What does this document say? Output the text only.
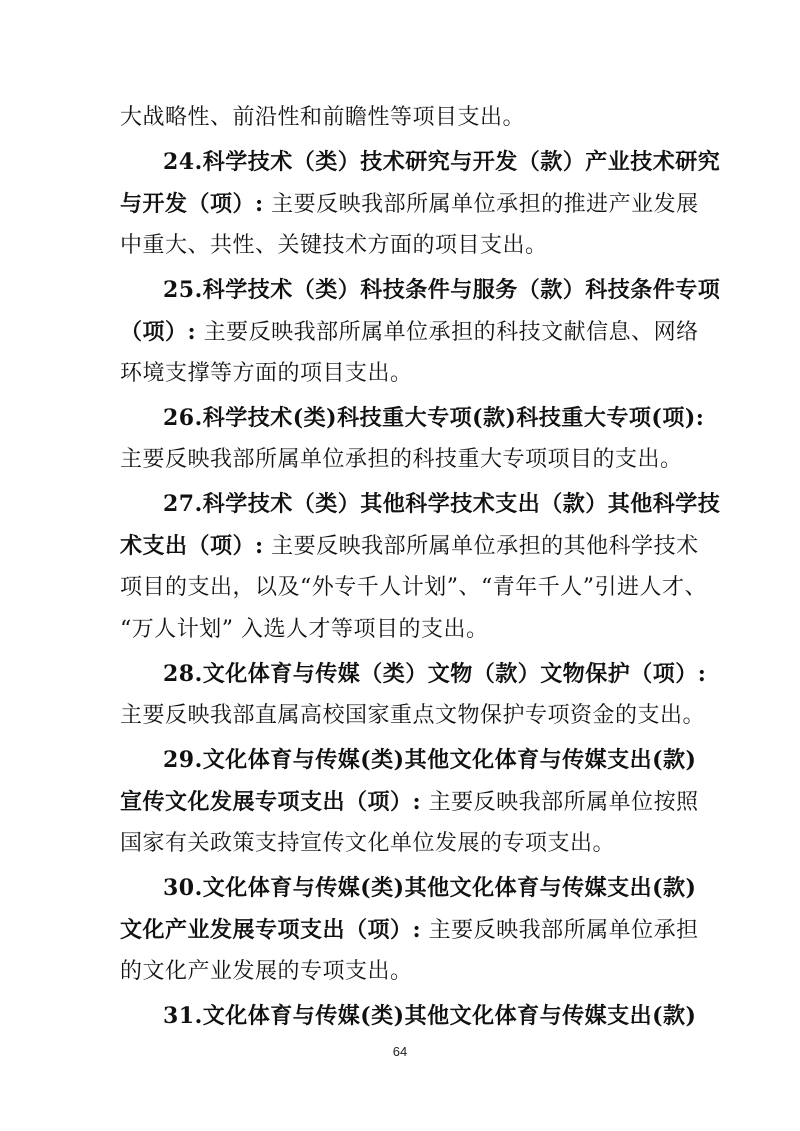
大战略性、前沿性和前瞻性等项目支出。
24.科学技术（类）技术研究与开发（款）产业技术研究
与开发（项）: 主要反映我部所属单位承担的推进产业发展
中重大、共性、关键技术方面的项目支出。
25.科学技术（类）科技条件与服务（款）科技条件专项
（项）: 主要反映我部所属单位承担的科技文献信息、网络
环境支撑等方面的项目支出。
26.科学技术(类)科技重大专项(款)科技重大专项(项):
主要反映我部所属单位承担的科技重大专项项目的支出。
27.科学技术（类）其他科学技术支出（款）其他科学技
术支出（项）: 主要反映我部所属单位承担的其他科学技术
项目的支出，以及“外专千人计划”、“青年千人”引进人才、
“万人计划” 入选人才等项目的支出。
28.文化体育与传媒（类）文物（款）文物保护（项）:
主要反映我部直属高校国家重点文物保护专项资金的支出。
29.文化体育与传媒(类)其他文化体育与传媒支出(款)
宣传文化发展专项支出（项）: 主要反映我部所属单位按照
国家有关政策支持宣传文化单位发展的专项支出。
30.文化体育与传媒(类)其他文化体育与传媒支出(款)
文化产业发展专项支出（项）: 主要反映我部所属单位承担
的文化产业发展的专项支出。
31.文化体育与传媒(类)其他文化体育与传媒支出(款)
64
